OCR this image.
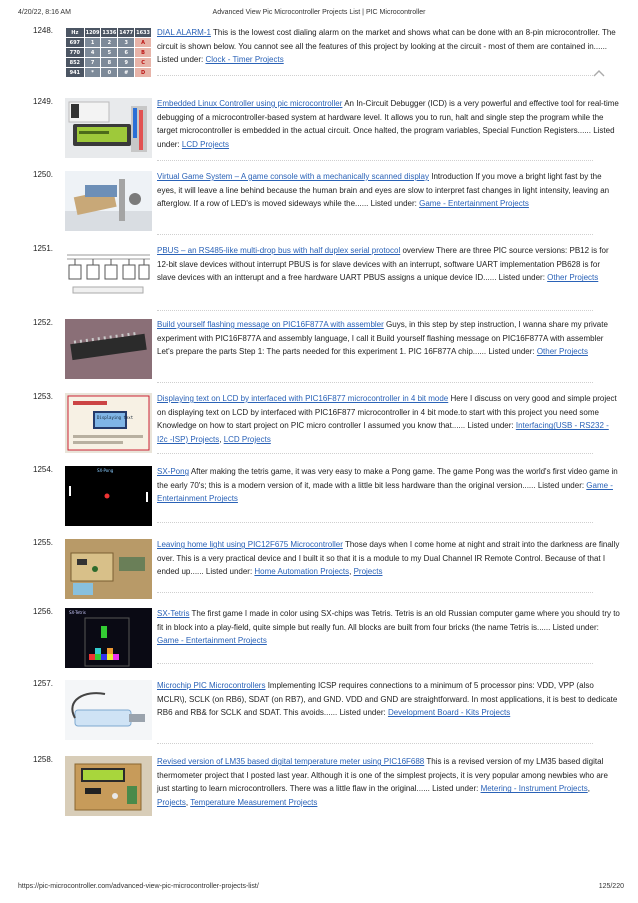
4/20/22, 8:16 AM	Advanced View Pic Microcontroller Projects List | PIC Microcontroller
1248.	Hz	1209	1336	1477	1633
697	1	2	3	A
770	4	5	6	B
852	7	8	9	C
941	*	0	#	D
DIAL ALARM-1 This is the lowest cost dialing alarm on the market and shows what can be done with an 8-pin microcontroller. The circuit is shown below. You cannot see all the features of this project by looking at the circuit - most of them are contained in...... Listed under: Clock - Timer Projects
1249.	Embedded Linux Controller using pic microcontroller An In-Circuit Debugger (ICD) is a very powerful and effective tool for real-time debugging of a microcontroller-based system at hardware level. It allows you to run, halt and single step the program while the target microcontroller is embedded in the actual circuit. Once halted, the program variables, Special Function Registers...... Listed under: LCD Projects
1250.	Virtual Game System – A game console with a mechanically scanned display Introduction If you move a bright light fast by the eyes, it will leave a line behind because the human brain and eyes are slow to interpret fast changes in light intensity, leaving an afterglow. If a row of LED's is moved sideways while the...... Listed under: Game - Entertainment Projects
1251.	PBUS – an RS485-like multi-drop bus with half duplex serial protocol overview There are three PIC source versions: PB12 is for 12-bit slave devices without interrupt PBUS is for slave devices with an interrupt, software UART implementation PB628 is for slave devices with an intterupt and a free hardware UART PBUS assigns a unique device ID...... Listed under: Other Projects
1252.	Build yourself flashing message on PIC16F877A with assembler Guys, in this step by step instruction, I wanna share my private experiment with PIC16F877A and assembly language, I call it Build yourself flashing message on PIC16F877A with assembler Let's prepare the parts Step 1: The parts needed for this experiment 1. PIC 16F877A chip...... Listed under: Other Projects
1253.
Displaying text
Displaying text on LCD by interfaced with PIC16F877 microcontroller in 4 bit mode Here I discuss on very good and simple project on displaying text on LCD by interfaced with PIC16F877 microcontroller in 4 bit mode.to start with this project you need some Knowledge on how to start project on PIC micro controller I assumed you know that...... Listed under: Interfacing(USB - RS232 - I2c -ISP) Projects, LCD Projects
1254.	SX-Pong	SX-Pong After making the tetris game, it was very easy to make a Pong game. The game Pong was the world's first video game in the early 70's; this is a modern version of it, made with a little bit less hardware than the original version...... Listed under: Game - Entertainment Projects
1255.	Leaving home light using PIC12F675 Microcontroller Those days when I come home at night and strait into the darkness are finally over. This is a very practical device and I built it so that it is a module to my Dual Channel IR Remote Control. Because of that I ended up...... Listed under: Home Automation Projects, Projects
1256.	SX-Tetris	SX-Tetris The first game I made in color using SX-chips was Tetris. Tetris is an old Russian computer game where you should try to fit in block into a play-field, quite simple but really fun. All blocks are built from four bricks (the name Tetris is...... Listed under: Game - Entertainment Projects
1257.	Microchip PIC Microcontrollers Implementing ICSP requires connections to a minimum of 5 processor pins: VDD, VPP (also MCLR\), SCLK (on RB6), SDAT (on RB7), and GND. VDD and GND are straightforward. In most applications, it is best to dedicate RB6 and RB& for SCLK and SDAT. This avoids...... Listed under: Development Board - Kits Projects
1258.	Revised version of LM35 based digital temperature meter using PIC16F688 This is a revised version of my LM35 based digital thermometer project that I posted last year. Although it is one of the simplest projects, it is very popular among newbies who are just starting to learn microcontrollers. There was a little flaw in the original...... Listed under: Metering - Instrument Projects, Projects, Temperature Measurement Projects
https://pic-microcontroller.com/advanced-view-pic-microcontroller-projects-list/	125/220
